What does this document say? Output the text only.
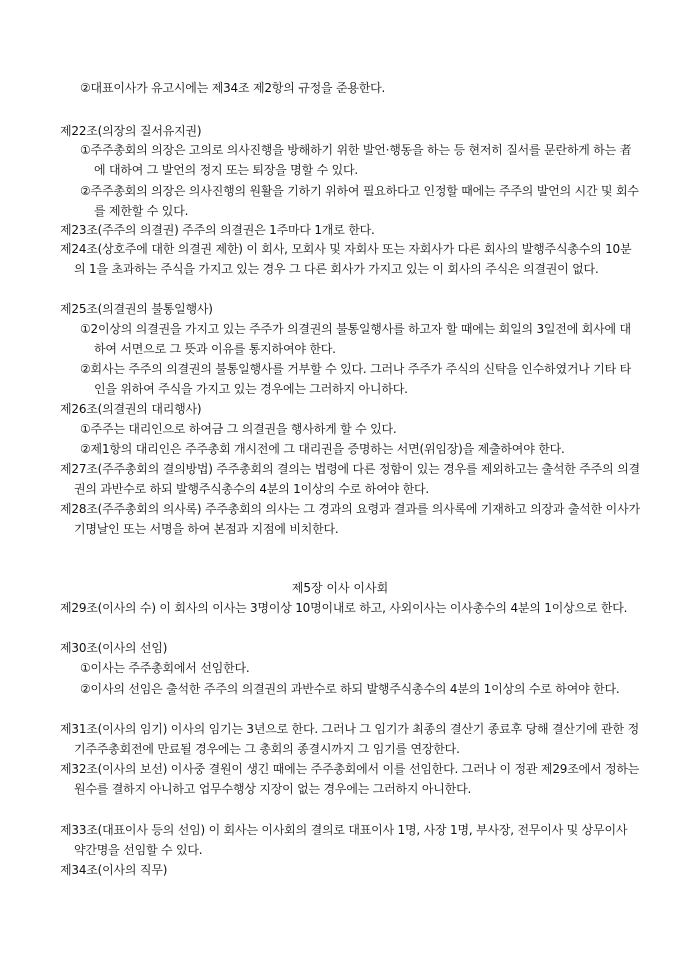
②대표이사가 유고시에는 제34조 제2항의 규정을 준용한다.

제22조(의장의 질서유지권)

①주주총회의 의장은 고의로 의사진행을 방해하기 위한 발언·행동을 하는 등 현저히 질서를 문란하게 하는 者에 대하여 그 발언의 정지 또는 퇴장을 명할 수 있다.

②주주총회의 의장은 의사진행의 원활을 기하기 위하여 필요하다고 인정할 때에는 주주의 발언의 시간 및 회수를 제한할 수 있다.

제23조(주주의 의결권) 주주의 의결권은 1주마다 1개로 한다.

제24조(상호주에 대한 의결권 제한) 이 회사, 모회사 및 자회사 또는 자회사가 다른 회사의 발행주식총수의 10분의 1을 초과하는 주식을 가지고 있는 경우 그 다른 회사가 가지고 있는 이 회사의 주식은 의결권이 없다.

제25조(의결권의 불통일행사)

①2이상의 의결권을 가지고 있는 주주가 의결권의 불통일행사를 하고자 할 때에는 회일의 3일전에 회사에 대하여 서면으로 그 뜻과 이유를 통지하여야 한다.

②회사는 주주의 의결권의 불통일행사를 거부할 수 있다. 그러나 주주가 주식의 신탁을 인수하였거나 기타 타인을 위하여 주식을 가지고 있는 경우에는 그러하지 아니하다.

제26조(의결권의 대리행사)

①주주는 대리인으로 하여금 그 의결권을 행사하게 할 수 있다.

②제1항의 대리인은 주주총회 개시전에 그 대리권을 증명하는 서면(위임장)을 제출하여야 한다.

제27조(주주총회의 결의방법) 주주총회의 결의는 법령에 다른 정함이 있는 경우를 제외하고는 출석한 주주의 의결권의 과반수로 하되 발행주식총수의 4분의 1이상의 수로 하여야 한다.

제28조(주주총회의 의사록) 주주총회의 의사는 그 경과의 요령과 결과를 의사록에 기재하고 의장과 출석한 이사가 기명날인 또는 서명을 하여 본점과 지점에 비치한다.

제5장 이사 이사회

제29조(이사의 수) 이 회사의 이사는 3명이상 10명이내로 하고, 사외이사는 이사총수의 4분의 1이상으로 한다.

제30조(이사의 선임)

①이사는 주주총회에서 선임한다.

②이사의 선임은 출석한 주주의 의결권의 과반수로 하되 발행주식총수의 4분의 1이상의 수로 하여야 한다.

제31조(이사의 임기) 이사의 임기는 3년으로 한다. 그러나 그 임기가 최종의 결산기 종료후 당해 결산기에 관한 정기주주총회전에 만료될 경우에는 그 총회의 종결시까지 그 임기를 연장한다.

제32조(이사의 보선) 이사중 결원이 생긴 때에는 주주총회에서 이를 선임한다. 그러나 이 정관 제29조에서 정하는 원수를 결하지 아니하고 업무수행상 지장이 없는 경우에는 그러하지 아니한다.

제33조(대표이사 등의 선임) 이 회사는 이사회의 결의로 대표이사 1명, 사장 1명, 부사장, 전무이사 및 상무이사 약간명을 선임할 수 있다.

제34조(이사의 직무)
